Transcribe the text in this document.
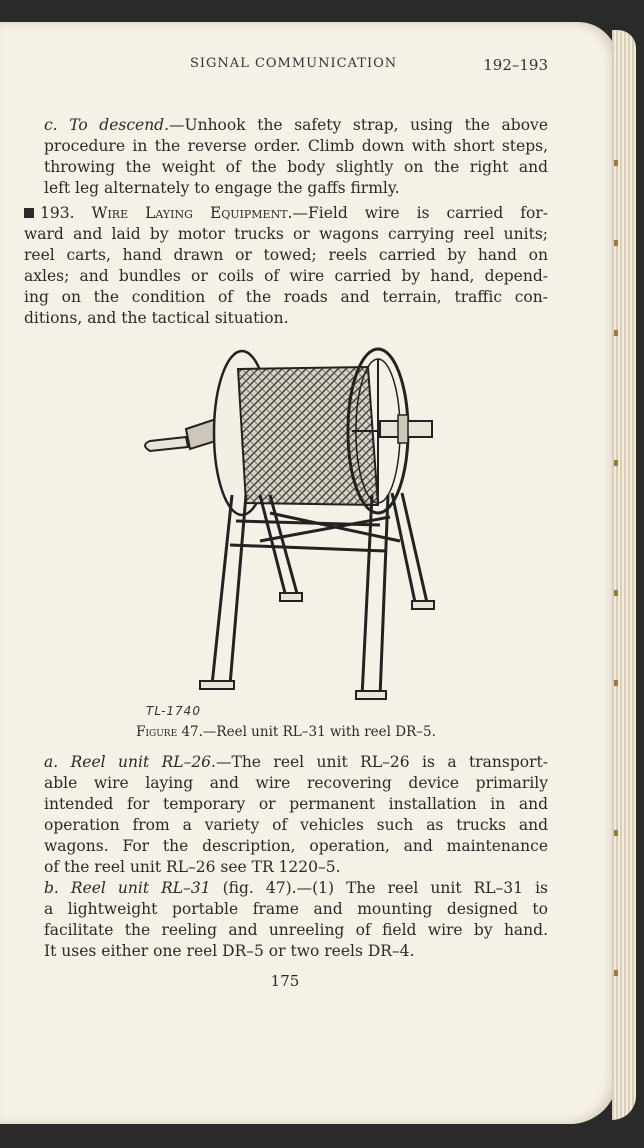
SIGNAL COMMUNICATION	192–193
c. To descend.—Unhook the safety strap, using the above
procedure in the reverse order. Climb down with short steps,
throwing the weight of the body slightly on the right and
left leg alternately to engage the gaffs firmly.
193. Wire Laying Equipment.—Field wire is carried for-
ward and laid by motor trucks or wagons carrying reel units;
reel carts, hand drawn or towed; reels carried by hand on
axles; and bundles or coils of wire carried by hand, depend-
ing on the condition of the roads and terrain, traffic con-
ditions, and the tactical situation.
TL-1740
Figure 47.—Reel unit RL–31 with reel DR–5.
a. Reel unit RL–26.—The reel unit RL–26 is a transport-
able wire laying and wire recovering device primarily
intended for temporary or permanent installation in and
operation from a variety of vehicles such as trucks and
wagons. For the description, operation, and maintenance
of the reel unit RL–26 see TR 1220–5.
b. Reel unit RL–31 (fig. 47).—(1) The reel unit RL–31 is
a lightweight portable frame and mounting designed to
facilitate the reeling and unreeling of field wire by hand.
It uses either one reel DR–5 or two reels DR–4.
175
